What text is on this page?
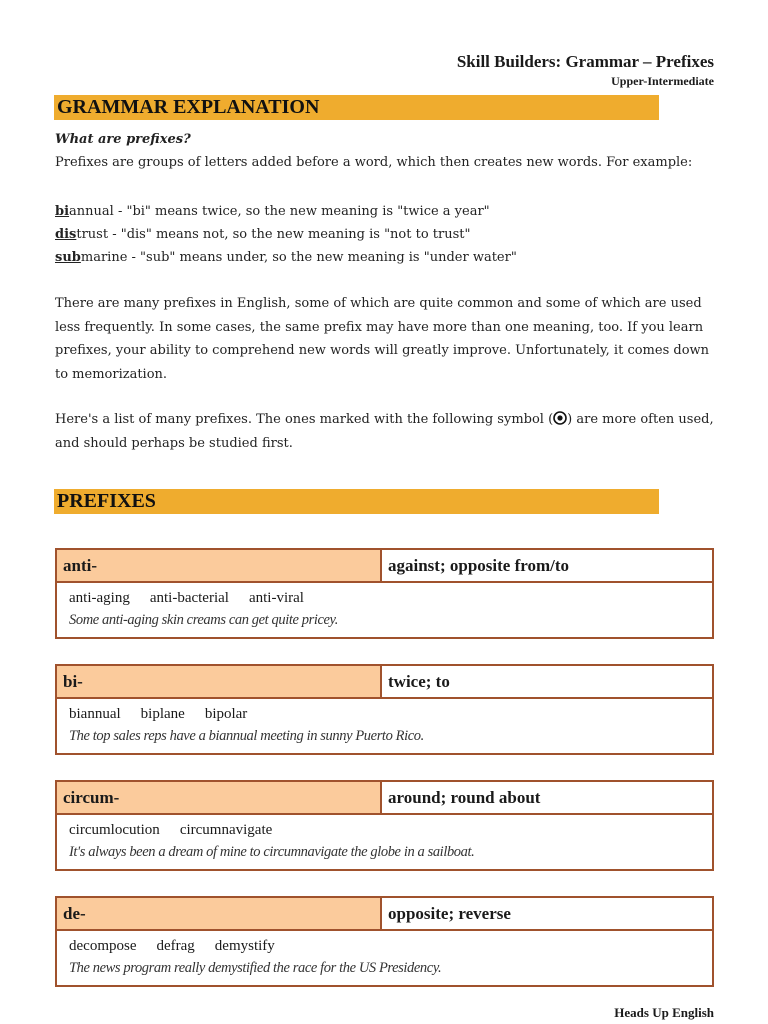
Skill Builders: Grammar – Prefixes
Upper-Intermediate
GRAMMAR EXPLANATION
What are prefixes?
Prefixes are groups of letters added before a word, which then creates new words. For example:
biannual - "bi" means twice, so the new meaning is "twice a year"
distrust - "dis" means not, so the new meaning is "not to trust"
submarine - "sub" means under, so the new meaning is "under water"
There are many prefixes in English, some of which are quite common and some of which are used less frequently. In some cases, the same prefix may have more than one meaning, too. If you learn prefixes, your ability to comprehend new words will greatly improve. Unfortunately, it comes down to memorization.
Here's a list of many prefixes. The ones marked with the following symbol ( ) are more often used, and should perhaps be studied first.
PREFIXES
anti-	against; opposite from/to
anti-aging anti-bacterial anti-viral
Some anti-aging skin creams can get quite pricey.
bi-	twice; to
biannual biplane bipolar
The top sales reps have a biannual meeting in sunny Puerto Rico.
circum-	around; round about
circumlocution circumnavigate
It's always been a dream of mine to circumnavigate the globe in a sailboat.
de-	opposite; reverse
decompose defrag demystify
The news program really demystified the race for the US Presidency.
Heads Up English
